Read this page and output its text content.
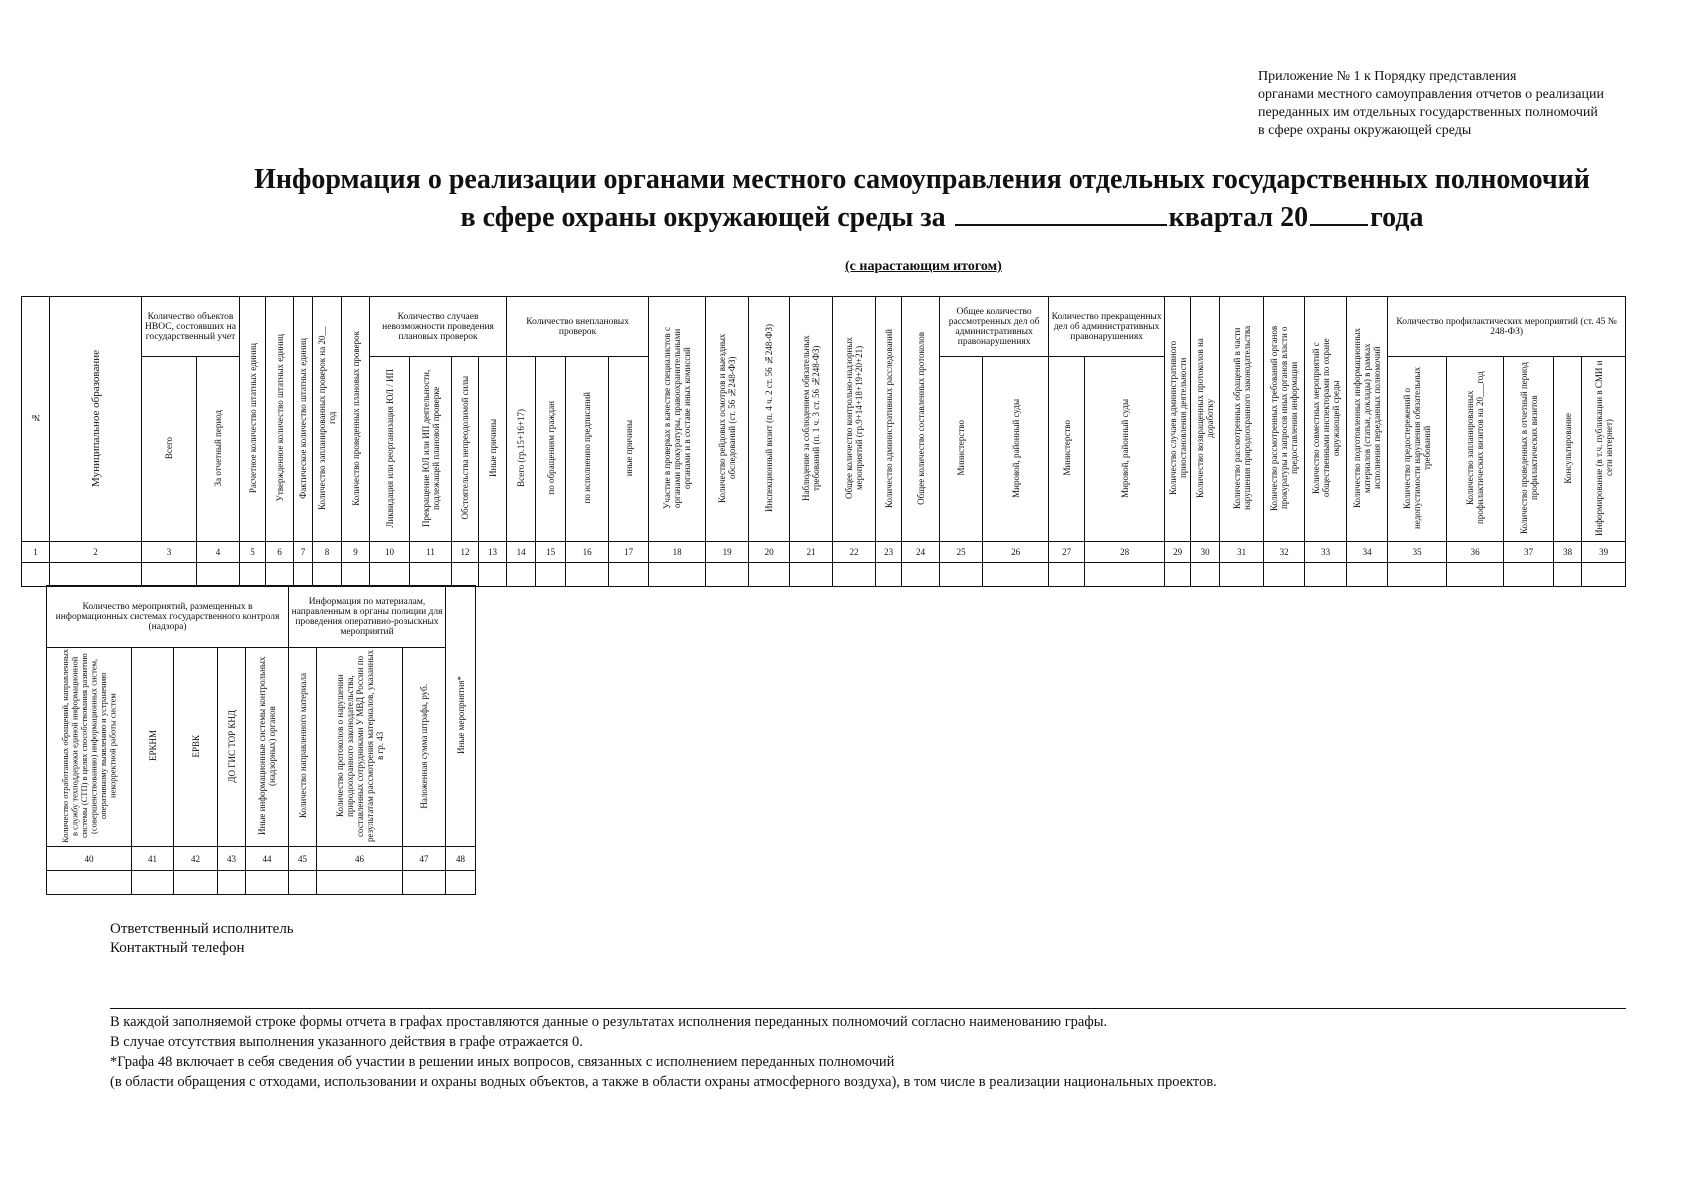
Приложение № 1 к Порядку представления
органами местного самоуправления отчетов о реализации
переданных им отдельных государственных полномочий
в сфере охраны окружающей среды
Информация о реализации органами местного самоуправления отдельных государственных полномочий
в сфере охраны окружающей среды за	квартал 20 года
(с нарастающим итогом)
№	Муниципальное образование	Количество объектов НВОС, состоявших на государственный учет		Расчетное количество штатных единиц	Утвержденное количество штатных единиц	Фактическое количество штатных единиц	Количество запланированных проверок на 20__ год	Количество проведенных плановых проверок	Количество случаев невозможности проведения плановых проверок				Количество внеплановых проверок				Участие в проверках в качестве специалистов с органами прокуратуры, правоохранительными органами и в составе иных комиссий	Количество рейдовых осмотров и выездных обследований (ст. 56 №248-ФЗ)	Инспекционный визит (п. 4 ч. 2 ст. 56 №248-ФЗ)	Наблюдение за соблюдением обязательных требований (п. 1 ч. 3 ст. 56 №248-ФЗ)	Общее количество контрольно-надзорных мероприятий (гр.9+14+18+19+20+21)	Количество административных расследований	Общее количество составленных протоколов	Общее количество рассмотренных дел об административных правонарушениях		Количество прекращенных дел об административных правонарушениях		Количество случаев административного приостановления деятельности	Количество возвращенных протоколов на доработку	Количество рассмотренных обращений в части нарушения природоохранного законодательства	Количество рассмотренных требований органов прокуратуры и запросов иных органов власти о предоставлении информации	Количество совместных мероприятий с общественными инспекторами по охране окружающей среды	Количество подготовленных информационных материалов (статьи, доклады) в рамках исполнения переданных полномочий	Количество профилактических мероприятий (ст. 45 № 248-ФЗ)				
		Всего	За отчетный период						Ликвидация или реорганизация ЮЛ / ИП	Прекращение ЮЛ или ИП деятельности, подлежащей плановой проверке	Обстоятельства непреодолимой силы	Иные причины	Всего (гр.15+16+17)	по обращениям граждан	по исполнению предписаний	иные причины								Министерство	Мировой, районный суды	Министерство	Мировой, районный суды							Количество предостережений о недопустимости нарушения обязательных требований	Количество запланированных профилактических визитов на 20___год	Количество проведенных в отчетный период профилактических визитов	Консультирование	Информирование (в т.ч. публикации в СМИ и сети интернет)
1	2	3	4	5	6	7	8	9	10	11	12	13	14	15	16	17	18	19	20	21	22	23	24	25	26	27	28	29	30	31	32	33	34	35	36	37	38	39

Количество мероприятий, размещенных в информационных системах государственного контроля (надзора)					Информация по материалам, направленным в органы полиции для проведения оперативно-розыскных мероприятий			Иные мероприятия*
Количество отработанных обращений, направленных в службу техподдержки единой информационной системы (СТП) в целях способствования развитию (совершенствованию) информационных систем, оперативному выявлению и устранению некорректной работы систем	ЕРКНМ	ЕРВК	ДО ГИС ТОР КНД	Иные информационные системы контрольных (надзорных) органов	Количество направленного материала	Количество протоколов о нарушении природоохранного законодательства, составленных сотрудниками У МВД России по результатам рассмотрения материалов, указанных в гр. 43	Наложенная сумма штрафа, руб.	
40	41	42	43	44	45	46	47	48

Ответственный исполнитель
Контактный телефон
В каждой заполняемой строке формы отчета в графах проставляются данные о результатах исполнения переданных полномочий согласно наименованию графы.
В случае отсутствия выполнения указанного действия в графе отражается 0.
*Графа 48 включает в себя сведения об участии в решении иных вопросов, связанных с исполнением переданных полномочий
(в области обращения с отходами, использовании и охраны водных объектов, а также в области охраны атмосферного воздуха), в том числе в реализации национальных проектов.
